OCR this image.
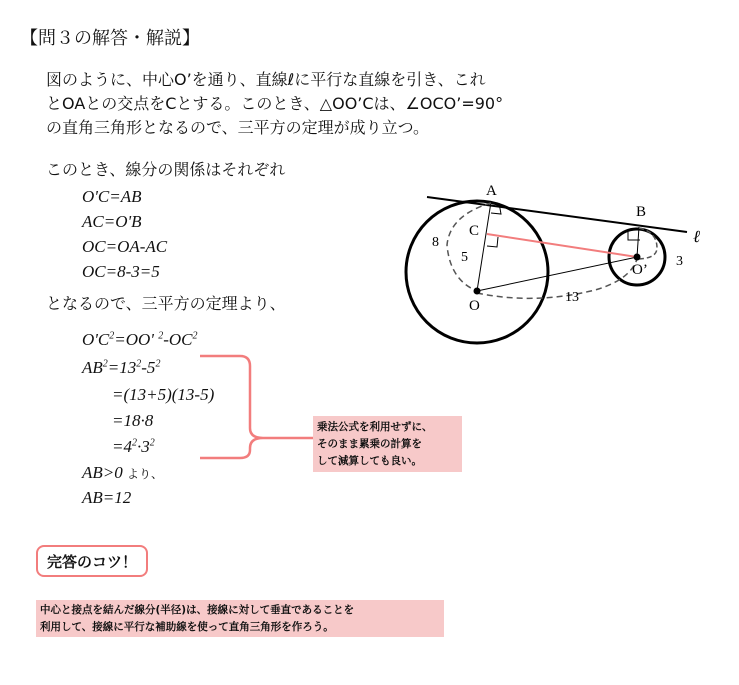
【問３の解答・解説】
図のように、中心O’を通り、直線ℓに平行な直線を引き、これ
とOAとの交点をCとする。このとき、△OO’Cは、∠OCO’=90°
の直角三角形となるので、三平方の定理が成り立つ。
このとき、線分の関係はそれぞれ
O'C=AB
AC=O'B
OC=OA-AC
OC=8-3=5
となるので、三平方の定理より、
$O'C^2=OO'$ $^2-OC^2$
$AB^2=13^2-5^2$
=(13+5)(13-5)
=18·8
$=4^2\cdot 3^2$
AB>0 より、
AB=12
乗法公式を利用せずに、
そのまま累乗の計算を
して減算しても良い。
完答のコツ！
中心と接点を結んだ線分(半径)は、接線に対して垂直であることを
利用して、接線に平行な補助線を使って直角三角形を作ろう。
A
B
C
O
O’
ℓ
8
5
13
3
